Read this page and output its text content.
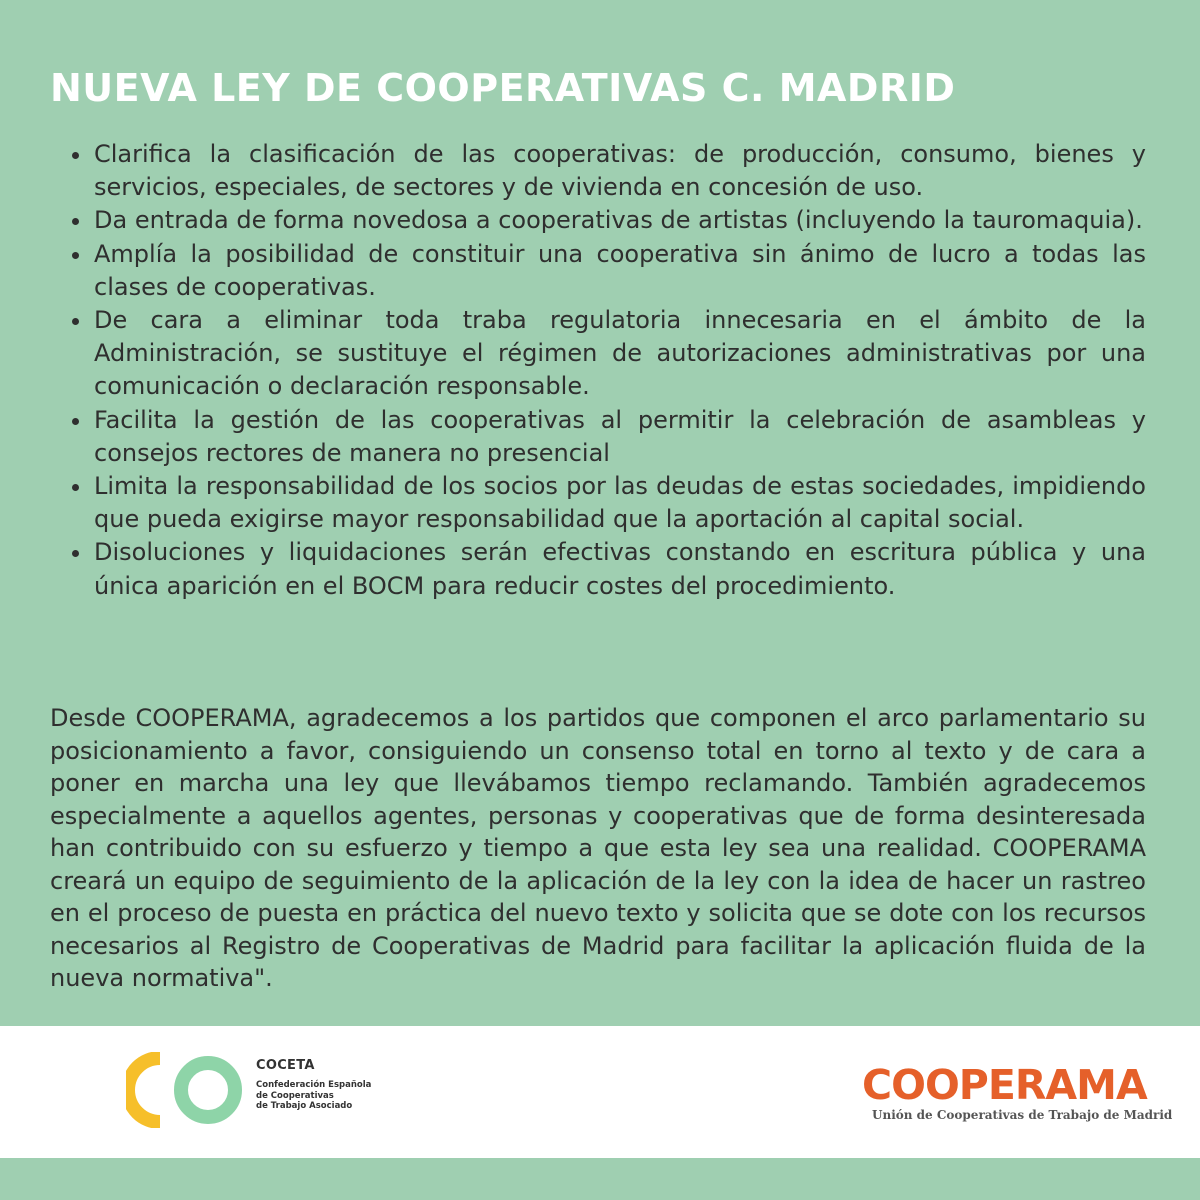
NUEVA LEY DE COOPERATIVAS C. MADRID
Clarifica la clasificación de las cooperativas: de producción, consumo, bienes y servicios, especiales, de sectores y de vivienda en concesión de uso.
Da entrada de forma novedosa a cooperativas de artistas (incluyendo la tauromaquia).
Amplía la posibilidad de constituir una cooperativa sin ánimo de lucro a todas las clases de cooperativas.
De cara a eliminar toda traba regulatoria innecesaria en el ámbito de la Administración, se sustituye el régimen de autorizaciones administrativas por una comunicación o declaración responsable.
Facilita la gestión de las cooperativas al permitir la celebración de asambleas y consejos rectores de manera no presencial
Limita la responsabilidad de los socios por las deudas de estas sociedades, impidiendo que pueda exigirse mayor responsabilidad que la aportación al capital social.
Disoluciones y liquidaciones serán efectivas constando en escritura pública y una única aparición en el BOCM para reducir costes del procedimiento.

Desde COOPERAMA, agradecemos a los partidos que componen el arco parlamentario su posicionamiento a favor, consiguiendo un consenso total en torno al texto y de cara a poner en marcha una ley que llevábamos tiempo reclamando. También agradecemos especialmente a aquellos agentes, personas y cooperativas que de forma desinteresada han contribuido con su esfuerzo y tiempo a que esta ley sea una realidad. COOPERAMA creará un equipo de seguimiento de la aplicación de la ley con la idea de hacer un rastreo en el proceso de puesta en práctica del nuevo texto y solicita que se dote con los recursos necesarios al Registro de Cooperativas de Madrid para facilitar la aplicación fluida de la nueva normativa".

COCETA
Confederación Española
de Cooperativas
de Trabajo Asociado	COOPERAMA
Unión de Cooperativas de Trabajo de Madrid
